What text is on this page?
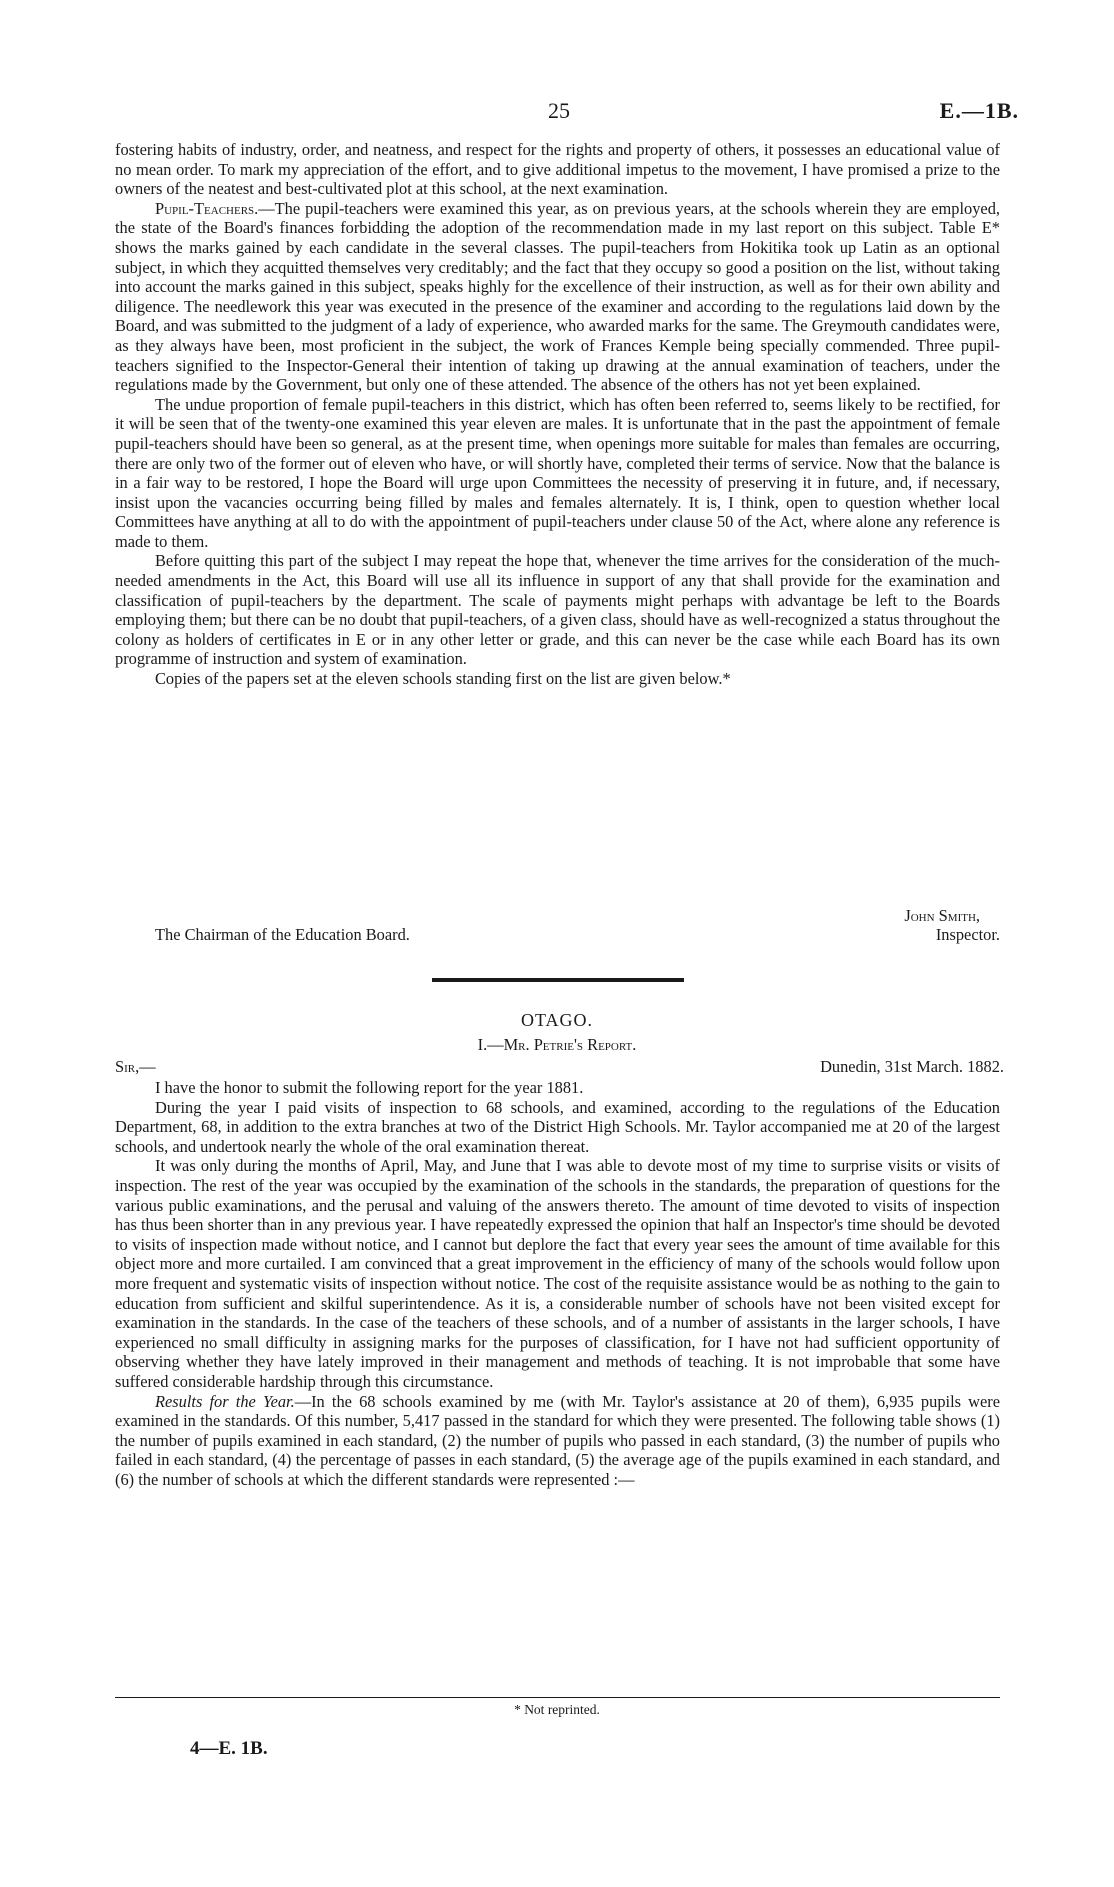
25	E.—1B.

fostering habits of industry, order, and neatness, and respect for the rights and property of others, it possesses an educational value of no mean order. To mark my appreciation of the effort, and to give additional impetus to the movement, I have promised a prize to the owners of the neatest and best-cultivated plot at this school, at the next examination.

Pupil-Teachers.—The pupil-teachers were examined this year, as on previous years, at the schools wherein they are employed, the state of the Board's finances forbidding the adoption of the recommendation made in my last report on this subject. Table E* shows the marks gained by each candidate in the several classes. The pupil-teachers from Hokitika took up Latin as an optional subject, in which they acquitted themselves very creditably; and the fact that they occupy so good a position on the list, without taking into account the marks gained in this subject, speaks highly for the excellence of their instruction, as well as for their own ability and diligence. The needlework this year was executed in the presence of the examiner and according to the regulations laid down by the Board, and was submitted to the judgment of a lady of experience, who awarded marks for the same. The Greymouth candidates were, as they always have been, most proficient in the subject, the work of Frances Kemple being specially commended. Three pupil-teachers signified to the Inspector-General their intention of taking up drawing at the annual examination of teachers, under the regulations made by the Government, but only one of these attended. The absence of the others has not yet been explained.

The undue proportion of female pupil-teachers in this district, which has often been referred to, seems likely to be rectified, for it will be seen that of the twenty-one examined this year eleven are males. It is unfortunate that in the past the appointment of female pupil-teachers should have been so general, as at the present time, when openings more suitable for males than females are occurring, there are only two of the former out of eleven who have, or will shortly have, completed their terms of service. Now that the balance is in a fair way to be restored, I hope the Board will urge upon Committees the necessity of preserving it in future, and, if necessary, insist upon the vacancies occurring being filled by males and females alternately. It is, I think, open to question whether local Committees have anything at all to do with the appointment of pupil-teachers under clause 50 of the Act, where alone any reference is made to them.

Before quitting this part of the subject I may repeat the hope that, whenever the time arrives for the consideration of the much-needed amendments in the Act, this Board will use all its influence in support of any that shall provide for the examination and classification of pupil-teachers by the department. The scale of payments might perhaps with advantage be left to the Boards employing them; but there can be no doubt that pupil-teachers, of a given class, should have as well-recognized a status throughout the colony as holders of certificates in E or in any other letter or grade, and this can never be the case while each Board has its own programme of instruction and system of examination.

Copies of the papers set at the eleven schools standing first on the list are given below.*

John Smith,
The Chairman of the Education Board.	Inspector.
OTAGO.
I.—Mr. Petrie's Report.
Sir,—	Dunedin, 31st March. 1882.

I have the honor to submit the following report for the year 1881.

During the year I paid visits of inspection to 68 schools, and examined, according to the regulations of the Education Department, 68, in addition to the extra branches at two of the District High Schools. Mr. Taylor accompanied me at 20 of the largest schools, and undertook nearly the whole of the oral examination thereat.

It was only during the months of April, May, and June that I was able to devote most of my time to surprise visits or visits of inspection. The rest of the year was occupied by the examination of the schools in the standards, the preparation of questions for the various public examinations, and the perusal and valuing of the answers thereto. The amount of time devoted to visits of inspection has thus been shorter than in any previous year. I have repeatedly expressed the opinion that half an Inspector's time should be devoted to visits of inspection made without notice, and I cannot but deplore the fact that every year sees the amount of time available for this object more and more curtailed. I am convinced that a great improvement in the efficiency of many of the schools would follow upon more frequent and systematic visits of inspection without notice. The cost of the requisite assistance would be as nothing to the gain to education from sufficient and skilful superintendence. As it is, a considerable number of schools have not been visited except for examination in the standards. In the case of the teachers of these schools, and of a number of assistants in the larger schools, I have experienced no small difficulty in assigning marks for the purposes of classification, for I have not had sufficient opportunity of observing whether they have lately improved in their management and methods of teaching. It is not improbable that some have suffered considerable hardship through this circumstance.

Results for the Year.—In the 68 schools examined by me (with Mr. Taylor's assistance at 20 of them), 6,935 pupils were examined in the standards. Of this number, 5,417 passed in the standard for which they were presented. The following table shows (1) the number of pupils examined in each standard, (2) the number of pupils who passed in each standard, (3) the number of pupils who failed in each standard, (4) the percentage of passes in each standard, (5) the average age of the pupils examined in each standard, and (6) the number of schools at which the different standards were represented :—

* Not reprinted.
4—E. 1B.
